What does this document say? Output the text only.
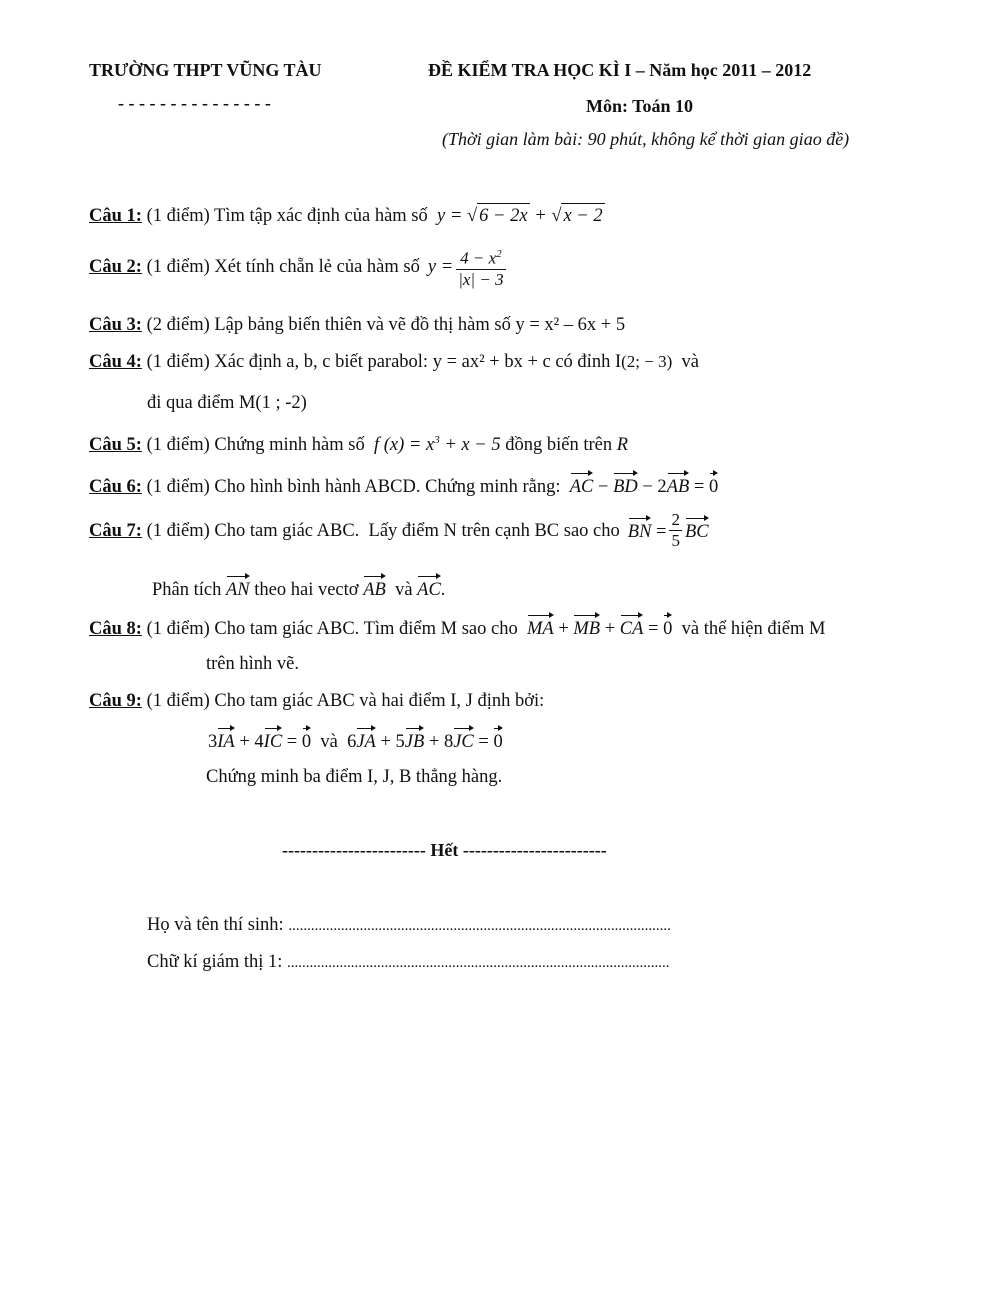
TRƯỜNG THPT VŨNG TÀU
- - - - - - - - - - - - - - -
ĐỀ KIỂM TRA HỌC KÌ I – Năm học 2011 – 2012
Môn: Toán 10
(Thời gian làm bài: 90 phút, không kể thời gian giao đề)
Câu 1: (1 điểm) Tìm tập xác định của hàm số  y = √ 6 − 2x + √ x − 2
Câu 2: (1 điểm) Xét tính chẵn lẻ của hàm số $y = \frac{4 - x^2}{|x| - 3}$
Câu 3: (2 điểm) Lập bảng biến thiên và vẽ đồ thị hàm số y = x² – 6x + 5
Câu 4: (1 điểm) Xác định a, b, c biết parabol: y = ax² + bx + c có đỉnh I(2; − 3) và
đi qua điểm M(1 ; -2)
Câu 5: (1 điểm) Chứng minh hàm số  f $(x) = x^3 + x - 5$ đồng biến trên R
Câu 6: (1 điểm) Cho hình bình hành ABCD. Chứng minh rằng: AC − BD − 2AB = 0
Câu 7: (1 điểm) Cho tam giác ABC.  Lấy điểm N trên cạnh BC sao cho BN = $\frac{2}{5}$ BC
Phân tích AN theo hai vectơ AB và AC.
Câu 8: (1 điểm) Cho tam giác ABC. Tìm điểm M sao cho MA + MB + CA = 0 và thể hiện điểm M
trên hình vẽ.
Câu 9: (1 điểm) Cho tam giác ABC và hai điểm I, J định bởi:
3IA + 4IC = 0 và 6JA + 5JB + 8JC = 0
Chứng minh ba điểm I, J, B thẳng hàng.
------------------------ Hết ------------------------
Họ và tên thí sinh: ......................................................................................................
Chữ kí giám thị 1: ......................................................................................................
